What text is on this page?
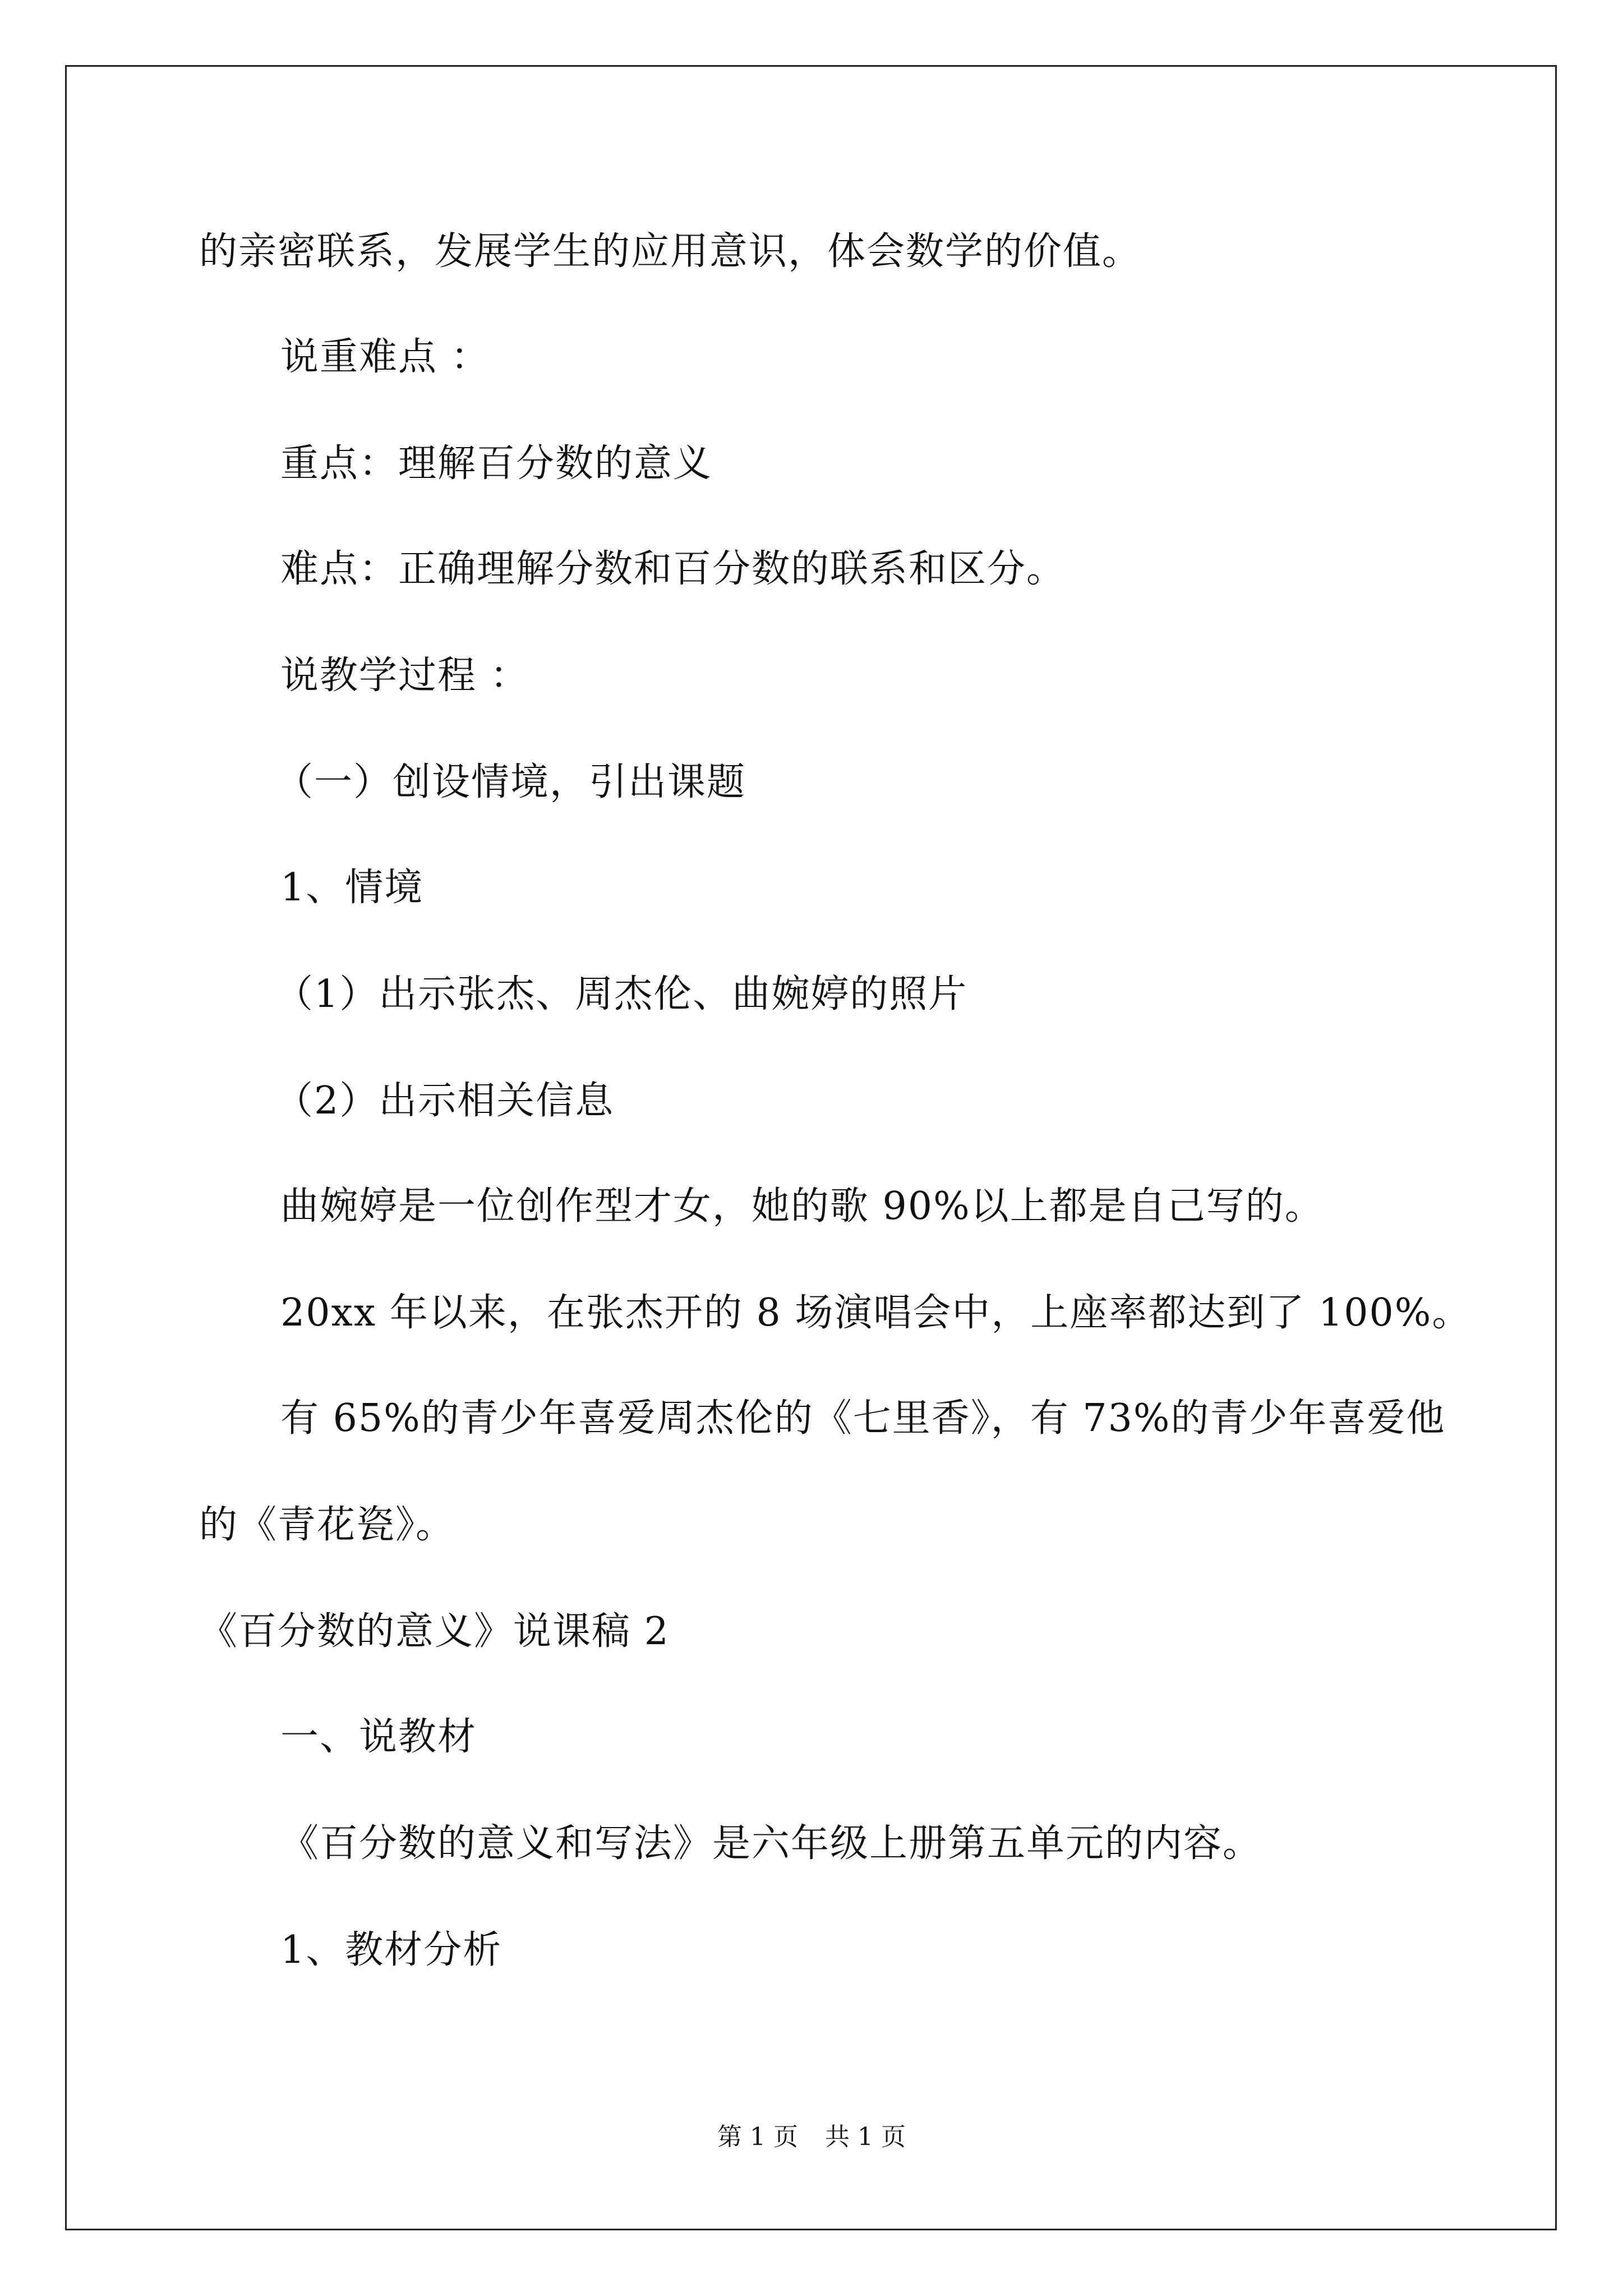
的亲密联系，发展学生的应用意识，体会数学的价值。
说重难点 ：
重点：理解百分数的意义
难点：正确理解分数和百分数的联系和区分。
说教学过程 ：
（一）创设情境，引出课题
1、情境
（1）出示张杰、周杰伦、曲婉婷的照片
（2）出示相关信息
曲婉婷是一位创作型才女，她的歌 90%以上都是自己写的。
20xx 年以来，在张杰开的 8 场演唱会中，上座率都达到了 100%。
有 65%的青少年喜爱周杰伦的《七里香》，有 73%的青少年喜爱他
的《青花瓷》。
《百分数的意义》说课稿 2
一、说教材
《百分数的意义和写法》是六年级上册第五单元的内容。
1、教材分析
第 1 页 共 1 页
